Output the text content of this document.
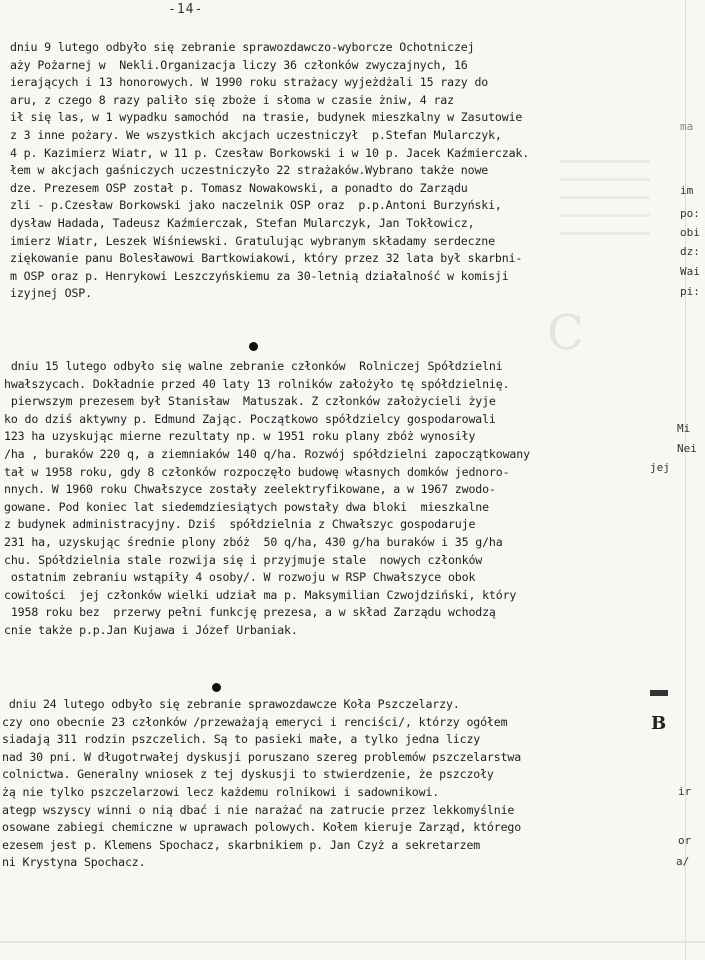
-14-
C
dniu 9 lutego odbyło się zebranie sprawozdawczo-wyborcze Ochotniczej
aży Pożarnej w  Nekli.Organizacja liczy 36 członków zwyczajnych, 16
ierających i 13 honorowych. W 1990 roku strażacy wyjeżdżali 15 razy do
aru, z czego 8 razy paliło się zboże i słoma w czasie żniw, 4 raz
ił się las, w 1 wypadku samochód  na trasie, budynek mieszkalny w Zasutowie
z 3 inne pożary. We wszystkich akcjach uczestniczył  p.Stefan Mularczyk,
4 p. Kazimierz Wiatr, w 11 p. Czesław Borkowski i w 10 p. Jacek Kaźmierczak.
łem w akcjach gaśniczych uczestniczyło 22 strażaków.Wybrano także nowe
dze. Prezesem OSP został p. Tomasz Nowakowski, a ponadto do Zarządu
zli - p.Czesław Borkowski jako naczelnik OSP oraz  p.p.Antoni Burzyński,
dysław Hadada, Tadeusz Kaźmierczak, Stefan Mularczyk, Jan Tokłowicz,
imierz Wiatr, Leszek Wiśniewski. Gratulując wybranym składamy serdeczne
ziękowanie panu Bolesławowi Bartkowiakowi, który przez 32 lata był skarbni-
m OSP oraz p. Henrykowi Leszczyńskiemu za 30-letnią działalność w komisji
izyjnej OSP.
dniu 15 lutego odbyło się walne zebranie członków  Rolniczej Spółdzielni
hwałszycach. Dokładnie przed 40 laty 13 rolników założyło tę spółdzielnię.
pierwszym prezesem był Stanisław  Matuszak. Z członków założycieli żyje
ko do dziś aktywny p. Edmund Zając. Początkowo spółdzielcy gospodarowali
123 ha uzyskując mierne rezultaty np. w 1951 roku plany zbóż wynosiły
/ha , buraków 220 q, a ziemniaków 140 q/ha. Rozwój spółdzielni zapoczątkowany
tał w 1958 roku, gdy 8 członków rozpoczęło budowę własnych domków jednoro-
nnych. W 1960 roku Chwałszyce zostały zeelektryfikowane, a w 1967 zwodo-
gowane. Pod koniec lat siedemdziesiątych powstały dwa bloki  mieszkalne
z budynek administracyjny. Dziś  spółdzielnia z Chwałszyc gospodaruje
231 ha, uzyskując średnie plony zbóż  50 q/ha, 430 g/ha buraków i 35 g/ha
chu. Spółdzielnia stale rozwija się i przyjmuje stale  nowych członków
ostatnim zebraniu wstąpiły 4 osoby/. W rozwoju w RSP Chwałszyce obok
cowitości  jej członków wielki udział ma p. Maksymilian Czwojdziński, który
1958 roku bez  przerwy pełni funkcję prezesa, a w skład Zarządu wchodzą
cnie także p.p.Jan Kujawa i Józef Urbaniak.
dniu 24 lutego odbyło się zebranie sprawozdawcze Koła Pszczelarzy.
czy ono obecnie 23 członków /przeważają emeryci i renciści/, którzy ogółem
siadają 311 rodzin pszczelich. Są to pasieki małe, a tylko jedna liczy
nad 30 pni. W długotrwałej dyskusji poruszano szereg problemów pszczelarstwa
colnictwa. Generalny wniosek z tej dyskusji to stwierdzenie, że pszczoły
żą nie tylko pszczelarzowi lecz każdemu rolnikowi i sadownikowi.
ategp wszyscy winni o nią dbać i nie narażać na zatrucie przez lekkomyślnie
osowane zabiegi chemiczne w uprawach polowych. Kołem kieruje Zarząd, którego
ezesem jest p. Klemens Spochacz, skarbnikiem p. Jan Czyż a sekretarzem
ni Krystyna Spochacz.
ma
im
po:
obi
dz:
Wai
pi:
Mi
Nei
jej
B
ir
or
a/
